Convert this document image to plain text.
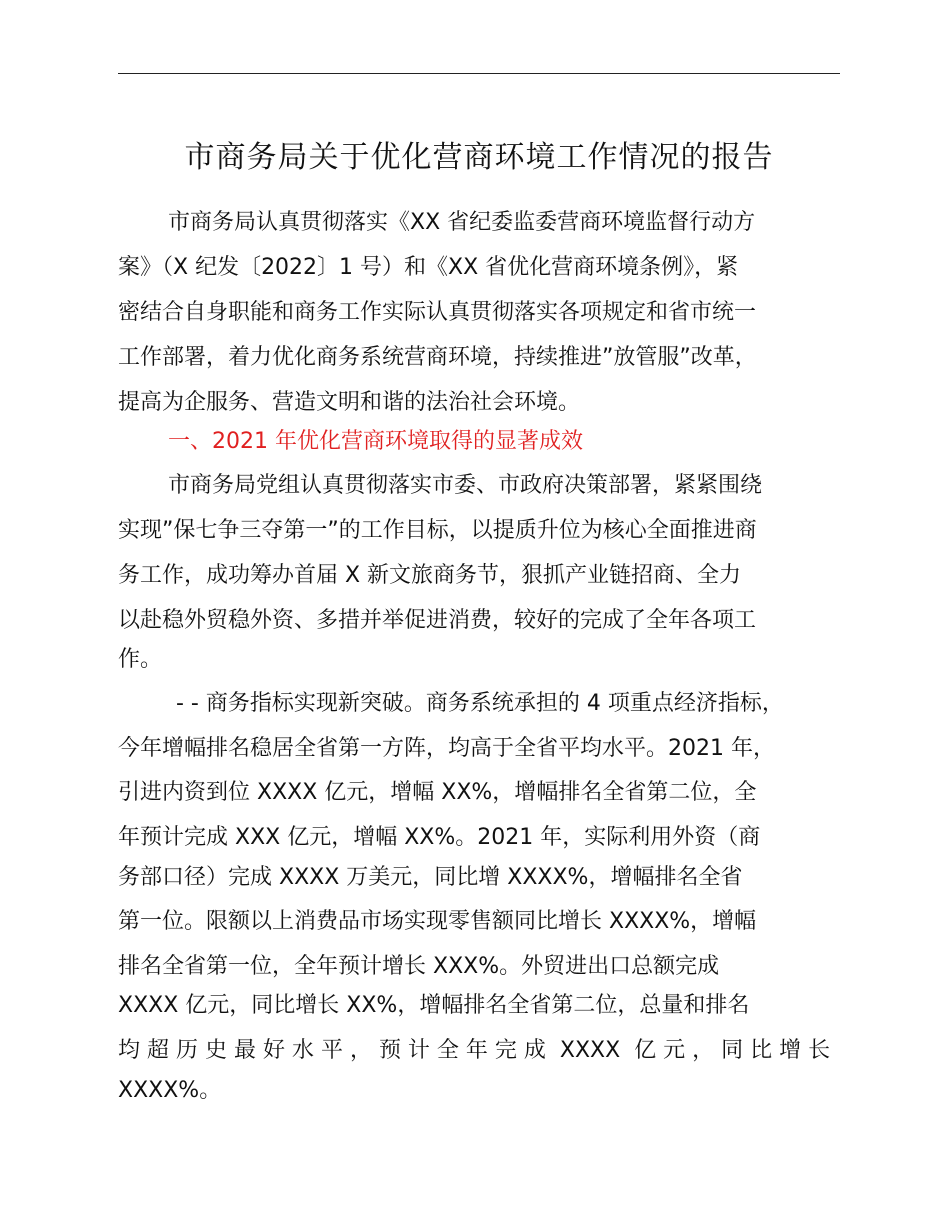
市商务局关于优化营商环境工作情况的报告
市商务局认真贯彻落实《XX 省纪委监委营商环境监督行动方
案》（X 纪发〔2022〕1 号）和《XX 省优化营商环境条例》，紧
密结合自身职能和商务工作实际认真贯彻落实各项规定和省市统一
工作部署，着力优化商务系统营商环境，持续推进”放管服”改革，
提高为企服务、营造文明和谐的法治社会环境。
一、2021 年优化营商环境取得的显著成效
市商务局党组认真贯彻落实市委、市政府决策部署，紧紧围绕
实现”保七争三夺第一”的工作目标，以提质升位为核心全面推进商
务工作，成功筹办首届 X 新文旅商务节，狠抓产业链招商、全力
以赴稳外贸稳外资、多措并举促进消费，较好的完成了全年各项工
作。
- - 商务指标实现新突破。商务系统承担的 4 项重点经济指标，
今年增幅排名稳居全省第一方阵，均高于全省平均水平。2021 年，
引进内资到位 XXXX 亿元，增幅 XX%，增幅排名全省第二位，全
年预计完成 XXX 亿元，增幅 XX%。2021 年，实际利用外资（商
务部口径）完成 XXXX 万美元，同比增 XXXX%，增幅排名全省
第一位。限额以上消费品市场实现零售额同比增长 XXXX%，增幅
排名全省第一位，全年预计增长 XXX%。外贸进出口总额完成
XXXX 亿元，同比增长 XX%，增幅排名全省第二位，总量和排名
均 超 历 史 最 好 水 平 ， 预 计 全 年 完 成  XXXX  亿 元 ， 同 比 增 长
XXXX%。
